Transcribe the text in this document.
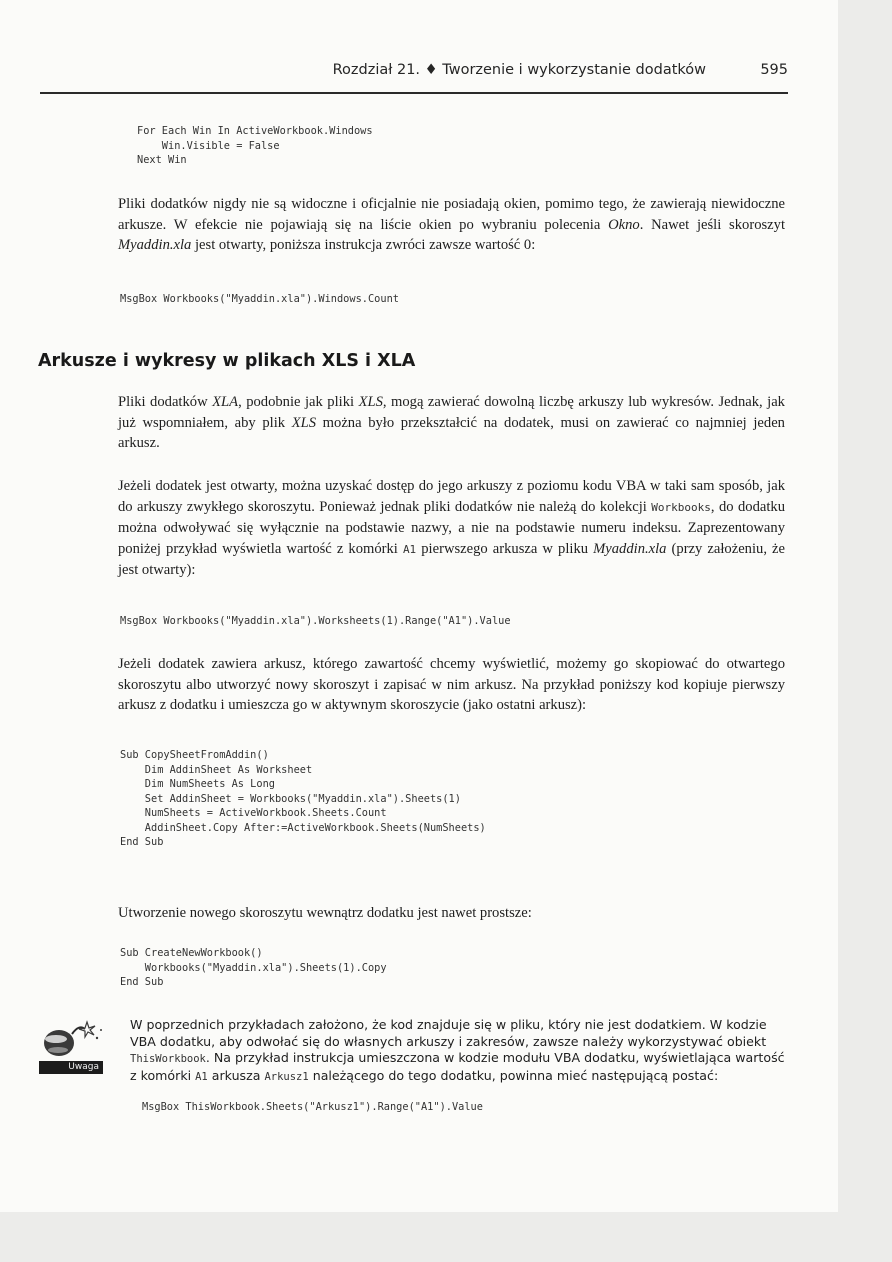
Rozdział 21. ♦ Tworzenie i wykorzystanie dodatków	595
For Each Win In ActiveWorkbook.Windows
Win.Visible = False
Next Win

Pliki dodatków nigdy nie są widoczne i oficjalnie nie posiadają okien, pomimo tego, że zawierają niewidoczne arkusze. W efekcie nie pojawiają się na liście okien po wybraniu polecenia Okno. Nawet jeśli skoroszyt Myaddin.xla jest otwarty, poniższa instrukcja zwróci zawsze wartość 0:

MsgBox Workbooks("Myaddin.xla").Windows.Count
Arkusze i wykresy w plikach XLS i XLA

Pliki dodatków XLA, podobnie jak pliki XLS, mogą zawierać dowolną liczbę arkuszy lub wykresów. Jednak, jak już wspomniałem, aby plik XLS można było przekształcić na dodatek, musi on zawierać co najmniej jeden arkusz.

Jeżeli dodatek jest otwarty, można uzyskać dostęp do jego arkuszy z poziomu kodu VBA w taki sam sposób, jak do arkuszy zwykłego skoroszytu. Ponieważ jednak pliki dodatków nie należą do kolekcji Workbooks, do dodatku można odwoływać się wyłącznie na podstawie nazwy, a nie na podstawie numeru indeksu. Zaprezentowany poniżej przykład wyświetla wartość z komórki A1 pierwszego arkusza w pliku Myaddin.xla (przy założeniu, że jest otwarty):

MsgBox Workbooks("Myaddin.xla").Worksheets(1).Range("A1").Value

Jeżeli dodatek zawiera arkusz, którego zawartość chcemy wyświetlić, możemy go skopiować do otwartego skoroszytu albo utworzyć nowy skoroszyt i zapisać w nim arkusz. Na przykład poniższy kod kopiuje pierwszy arkusz z dodatku i umieszcza go w aktywnym skoroszycie (jako ostatni arkusz):

Sub CopySheetFromAddin()
Dim AddinSheet As Worksheet
Dim NumSheets As Long
Set AddinSheet = Workbooks("Myaddin.xla").Sheets(1)
NumSheets = ActiveWorkbook.Sheets.Count
AddinSheet.Copy After:=ActiveWorkbook.Sheets(NumSheets)
End Sub

Utworzenie nowego skoroszytu wewnątrz dodatku jest nawet prostsze:

Sub CreateNewWorkbook()
Workbooks("Myaddin.xla").Sheets(1).Copy
End Sub
Uwaga

W poprzednich przykładach założono, że kod znajduje się w pliku, który nie jest dodatkiem. W kodzie VBA dodatku, aby odwołać się do własnych arkuszy i zakresów, zawsze należy wykorzystywać obiekt ThisWorkbook. Na przykład instrukcja umieszczona w kodzie modułu VBA dodatku, wyświetlająca wartość z komórki A1 arkusza Arkusz1 należącego do tego dodatku, powinna mieć następującą postać:

MsgBox ThisWorkbook.Sheets("Arkusz1").Range("A1").Value
